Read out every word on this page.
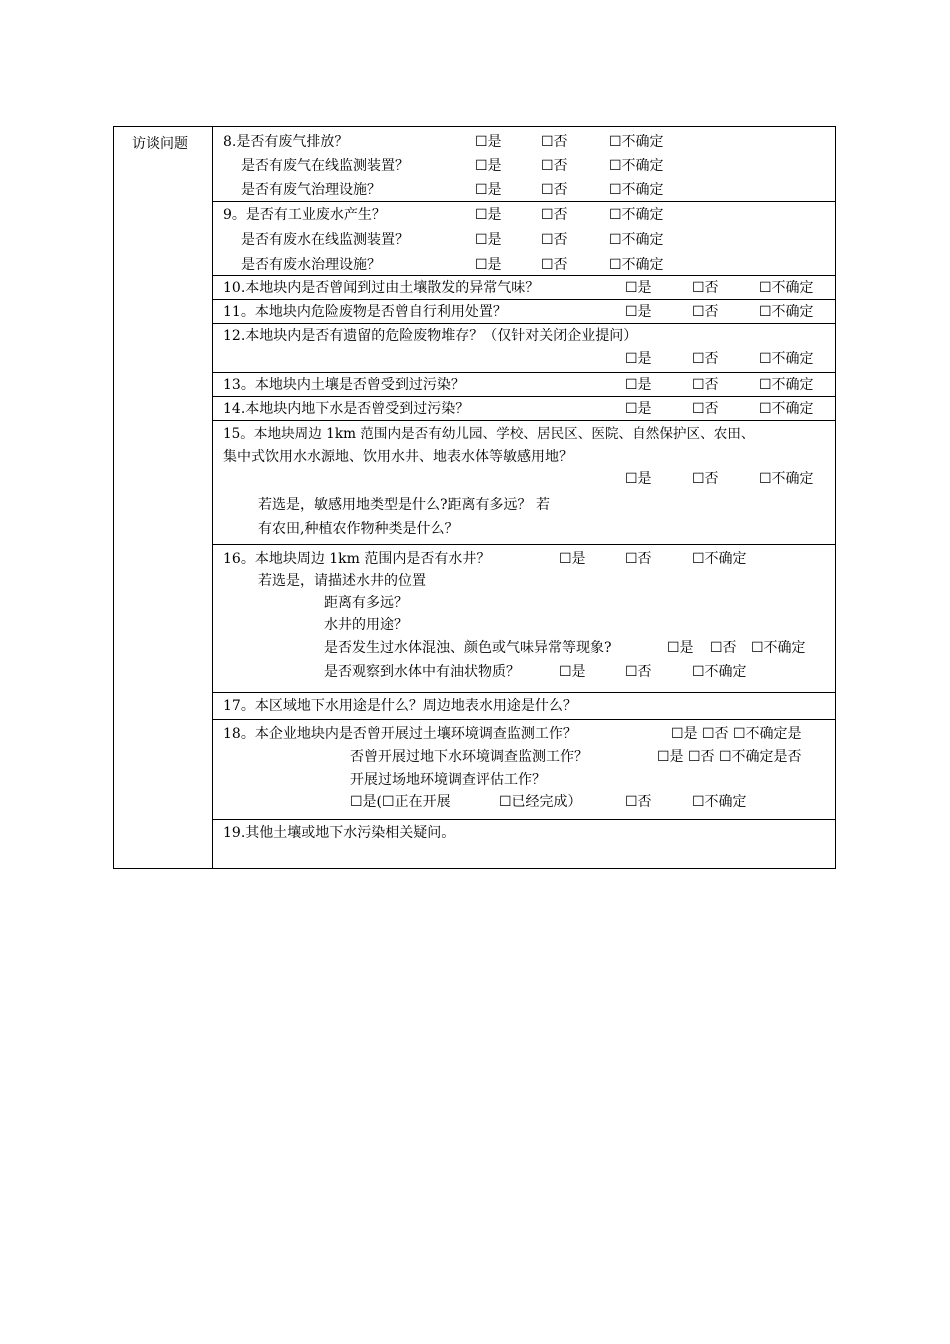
访谈问题	8.是否有废气排放？	☐是	☐否	☐不确定
是否有废气在线监测装置？	☐是	☐否	☐不确定
是否有废气治理设施？	☐是	☐否	☐不确定
9。是否有工业废水产生？	☐是	☐否	☐不确定
是否有废水在线监测装置？	☐是	☐否	☐不确定
是否有废水治理设施？	☐是	☐否	☐不确定
10.本地块内是否曾闻到过由土壤散发的异常气味？	☐是	☐否	☐不确定
11。本地块内危险废物是否曾自行利用处置？	☐是	☐否	☐不确定
12.本地块内是否有遗留的危险废物堆存？（仅针对关闭企业提问）
☐是	☐否	☐不确定
13。本地块内土壤是否曾受到过污染？	☐是	☐否	☐不确定
14.本地块内地下水是否曾受到过污染？	☐是	☐否	☐不确定
15。本地块周边 1km 范围内是否有幼儿园、学校、居民区、医院、自然保护区、农田、
集中式饮用水水源地、饮用水井、地表水体等敏感用地？
☐是	☐否	☐不确定
若选是，敏感用地类型是什么?距离有多远？ 若
有农田,种植农作物种类是什么？
16。本地块周边 1km 范围内是否有水井？	☐是	☐否	☐不确定
若选是，请描述水井的位置
距离有多远？
水井的用途？
是否发生过水体混浊、颜色或气味异常等现象?	☐是 ☐否 ☐不确定
是否观察到水体中有油状物质？	☐是	☐否	☐不确定
17。本区域地下水用途是什么？周边地表水用途是什么？
18。本企业地块内是否曾开展过土壤环境调查监测工作？	☐是 ☐否 ☐不确定是
否曾开展过地下水环境调查监测工作？	☐是 ☐否 ☐不确定是否
开展过场地环境调查评估工作？
☐是(☐正在开展	☐已经完成）	☐否	☐不确定
19.其他土壤或地下水污染相关疑问。
